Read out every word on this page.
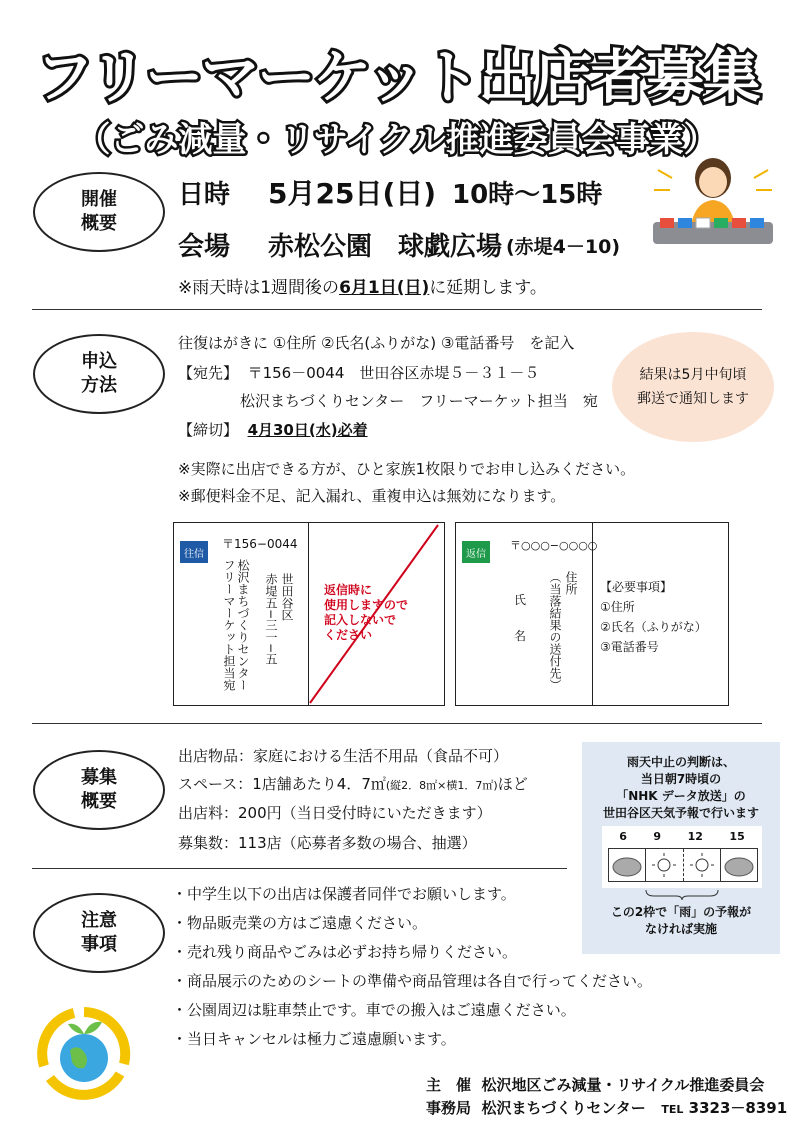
フリーマーケット出店者募集
（ごみ減量・リサイクル推進委員会事業）
開催
概要
日時 5月25日(日) 10時～15時
会場 赤松公園　球戯広場 (赤堤4－10)
※雨天時は1週間後の6月1日(日)に延期します。
申込
方法
往復はがきに ①住所 ②氏名(ふりがな) ③電話番号　を記入
【宛先】 〒156－0044　世田谷区赤堤５－３１－５
松沢まちづくりセンター　フリーマーケット担当　宛
【締切】 4月30日(水)必着
※実際に出店できる方が、ひと家族1枚限りでお申し込みください。
※郵便料金不足、記入漏れ、重複申込は無効になります。
結果は5月中旬頃
郵送で通知します
往信
〒156−0044
世田谷区
赤堤五−三一−五
松沢まちづくりセンター
フリーマーケット担当宛	返信時に
使用しますので
記入しないで
ください
返信
〒○○○−○○○○
住所
（当落結果の送付先）
氏
名
【必要事項】
①住所
②氏名（ふりがな）
③電話番号
募集
概要
出店物品：家庭における生活不用品（食品不可）
スペース：1店舗あたり4．7㎡(縦2．8㎡×横1．7㎡)ほど
出店料：200円（当日受付時にいただきます）
募集数：113店（応募者多数の場合、抽選）
雨天中止の判断は、
当日朝7時頃の
「NHK データ放送」の
世田谷区天気予報で行います
6 9 12 15
この2枠で「雨」の予報が
なければ実施
注意
事項
・中学生以下の出店は保護者同伴でお願いします。
・物品販売業の方はご遠慮ください。
・売れ残り商品やごみは必ずお持ち帰りください。
・商品展示のためのシートの準備や商品管理は各自で行ってください。
・公園周辺は駐車禁止です。車での搬入はご遠慮ください。
・当日キャンセルは極力ご遠慮願います。
主　催 松沢地区ごみ減量・リサイクル推進委員会
事務局 松沢まちづくりセンター TEL 3323－8391
